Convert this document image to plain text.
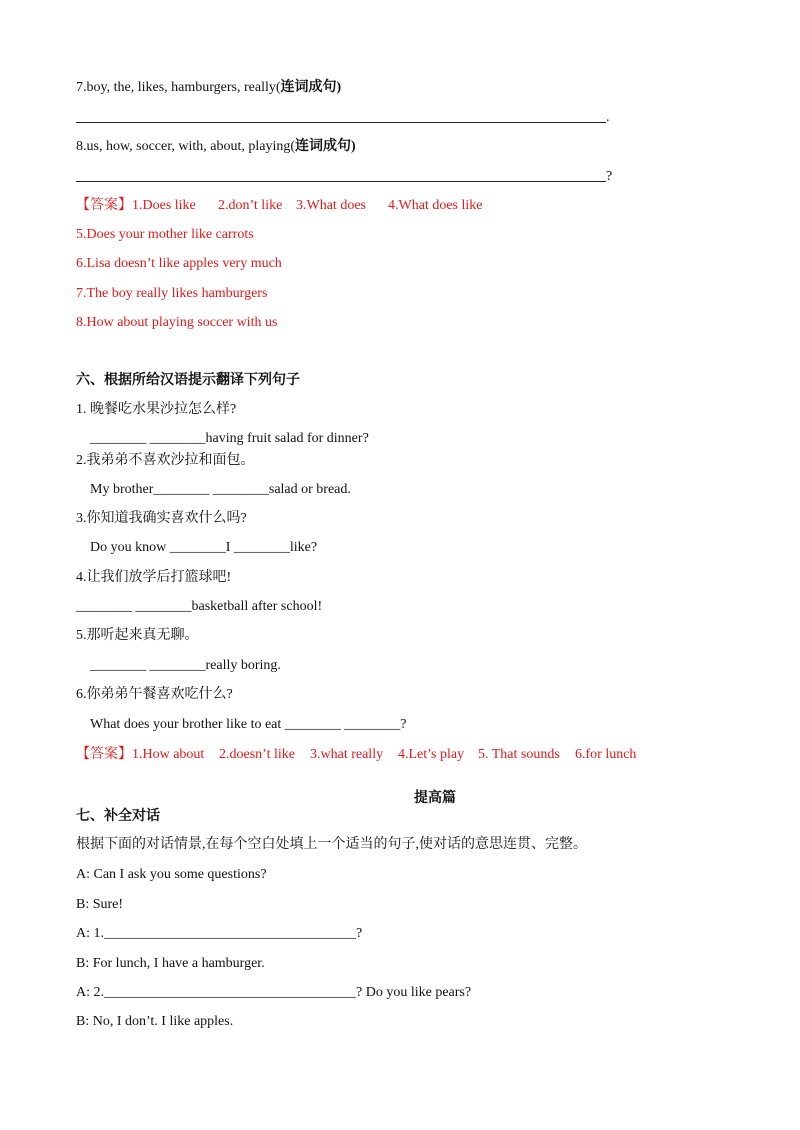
7.boy, the, likes, hamburgers, really(连词成句)
.
8.us, how, soccer, with, about, playing(连词成句)
?
【答案】1.Does like 2.don’t like 3.What does 4.What does like
5.Does your mother like carrots
6.Lisa doesn’t like apples very much
7.The boy really likes hamburgers
8.How about playing soccer with us
六、根据所给汉语提示翻译下列句子
1. 晚餐吃水果沙拉怎么样?
________ ________having fruit salad for dinner?
2.我弟弟不喜欢沙拉和面包。
My brother________ ________salad or bread.
3.你知道我确实喜欢什么吗?
Do you know ________I ________like?
4.让我们放学后打篮球吧!
________ ________basketball after school!
5.那听起来真无聊。
________ ________really boring.
6.你弟弟午餐喜欢吃什么?
What does your brother like to eat ________ ________?
【答案】1.How about 2.doesn’t like 3.what really 4.Let’s play 5. That sounds 6.for lunch
提高篇
七、补全对话
根据下面的对话情景,在每个空白处填上一个适当的句子,使对话的意思连贯、完整。
A: Can I ask you some questions?
B: Sure!
A: 1.____________________________________?
B: For lunch, I have a hamburger.
A: 2.____________________________________? Do you like pears?
B: No, I don’t. I like apples.
